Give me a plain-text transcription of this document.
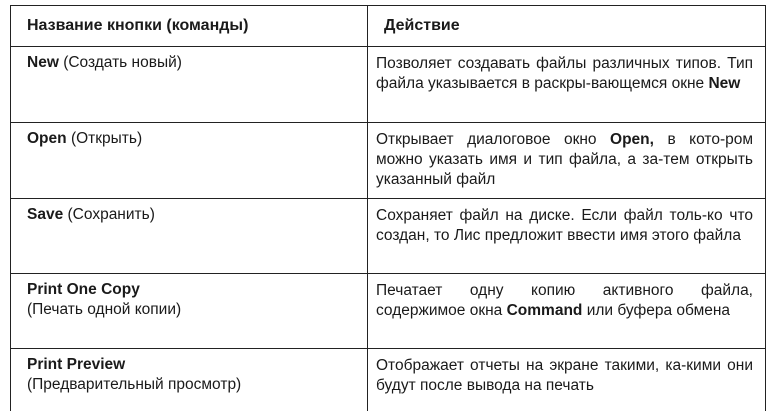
Название кнопки (команды)	Действие
New (Создать новый)	Позволяет создавать файлы различных типов. Тип файла указывается в раскры-вающемся окне New
Open (Открыть)	Открывает диалоговое окно Open, в кото-ром можно указать имя и тип файла, а за-тем открыть указанный файл
Save (Сохранить)	Сохраняет файл на диске. Если файл толь-ко что создан, то Лис предложит ввести имя этого файла

Print One Copy
(Печать одной копии)	Печатает одну копию активного файла, содержимое окна Command или буфера обмена

Print Preview
(Предварительный просмотр)	Отображает отчеты на экране такими, ка-кими они будут после вывода на печать
